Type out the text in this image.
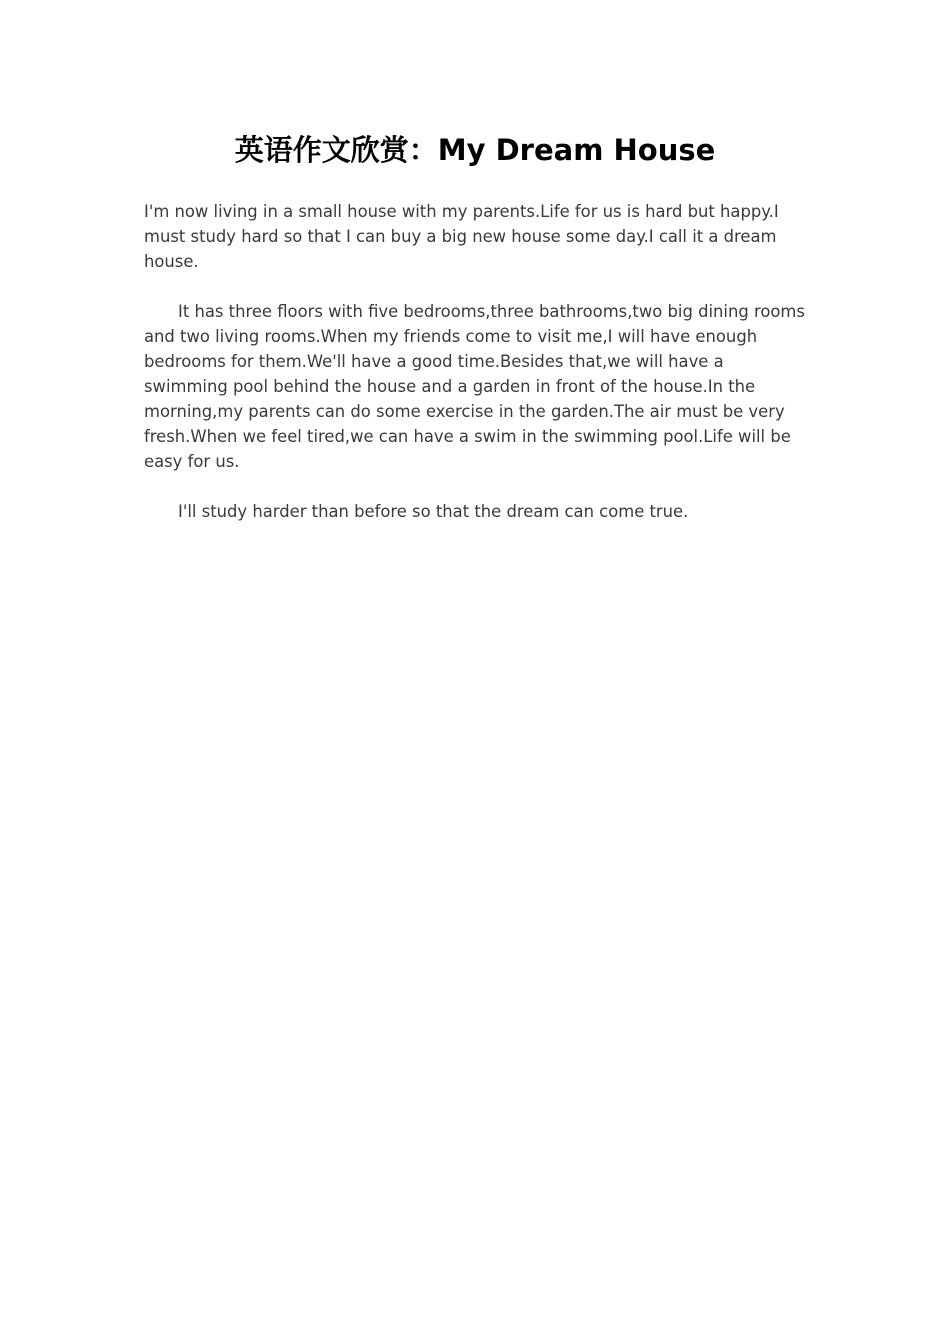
英语作文欣赏：My Dream House

I'm now living in a small house with my parents.Life for us is hard but happy.I must study hard so that I can buy a big new house some day.I call it a dream house.

It has three floors with five bedrooms,three bathrooms,two big dining rooms and two living rooms.When my friends come to visit me,I will have enough bedrooms for them.We'll have a good time.Besides that,we will have a swimming pool behind the house and a garden in front of the house.In the morning,my parents can do some exercise in the garden.The air must be very fresh.When we feel tired,we can have a swim in the swimming pool.Life will be easy for us.

I'll study harder than before so that the dream can come true.
